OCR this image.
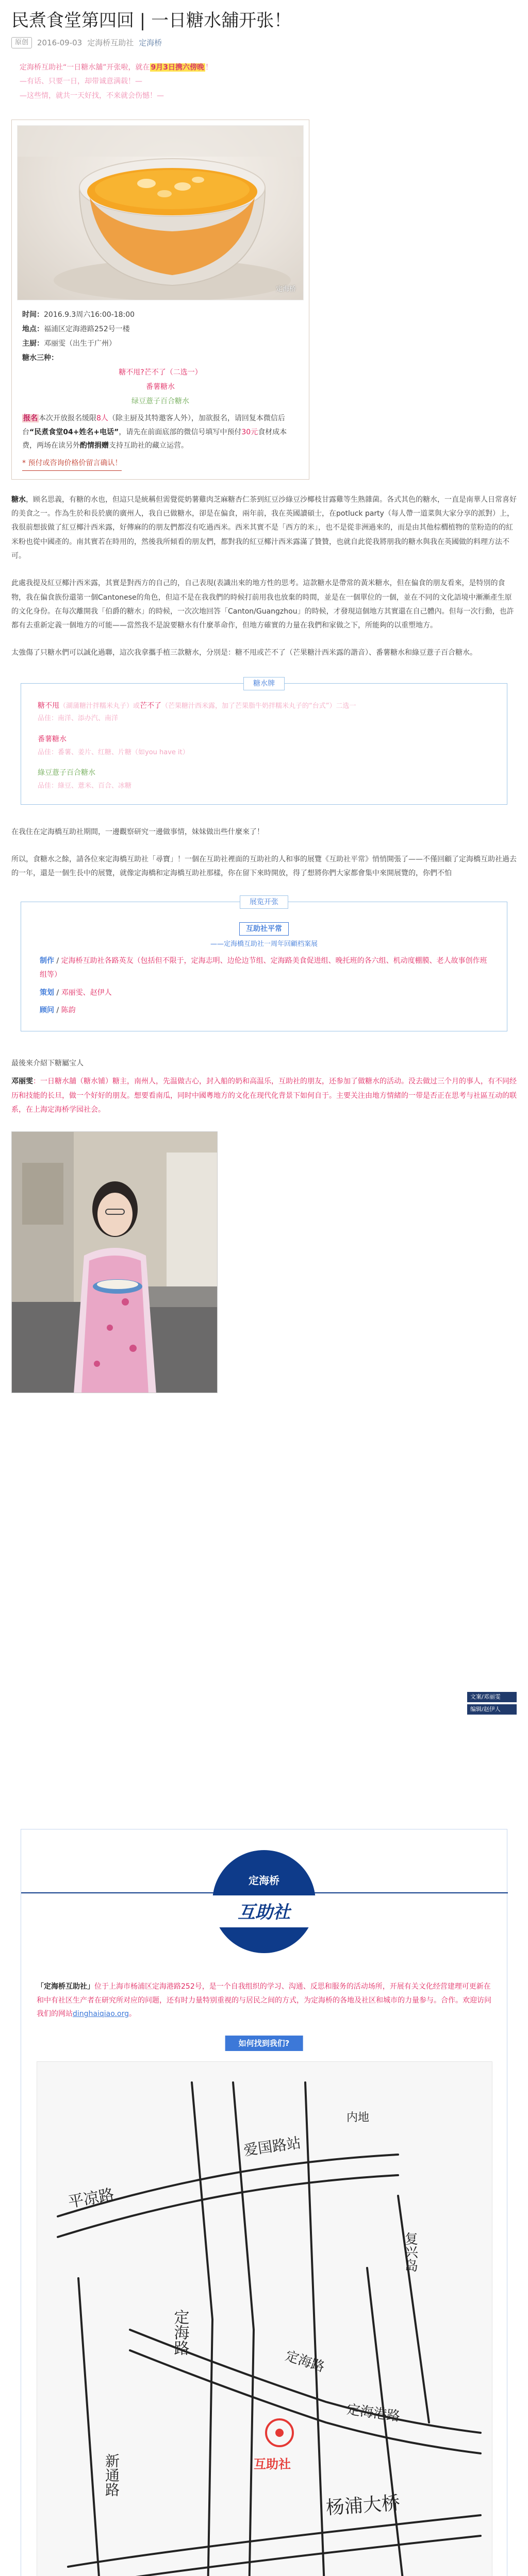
民煮食堂第四回 | 一日糖水舖开张！
原创	2016-09-03 定海桥互助社 定海桥
定海桥互助社“一日糖水舖”开张啦，就在 9月3日携六傍晚 ！
—有话、只要一日，却带诚意满载！—
—这些情，就共一天好找，不来就会伤憾！—
定海桥
时间：2016.9.3周六16:00-18:00
地点：福浦区定海港路252号一楼
主厨：邓丽雯（出生于广州）
糖水三种：
糖不甩?芒不了（二选一）
番薯糖水
绿豆薏子百合糖水
报名 本次开放报名缓限8人（除主厨及其特邀客人外），加欲报名，请回复本微信后台“民煮食堂04+姓名+电话”，请先在前面底部的微信号填写中预付30元食材成本费，两场在读另外酌情捐赠支持互助社的藏立运营。
* 预付或咨询价格价留言确认！
糖水，顾名思義，有糖的水也，但這只是統稱但需覺從奶薯雞肉芝麻糖杏仁茶到紅豆沙綠豆沙椰枝甘露雞等生熟雜菌。各式其色的糖水，一直是南華人日常喜好的美食之一。作為生於和長於廣的廣州人，我自已做糖水，卻是在偏食，兩年前，我在英國讀碩士，在potluck party（每人帶一道菜與大家分享的派對）上，我很前想拔做了紅豆椰汁西米露，好傳麻的的朋友們都沒有吃過西米。西米其實不是「西方的米」，也不是從非洲過來的，而是由其他棕櫚植物的莖粉造的的紅米粉也從中國產的。南其實若在時用的，然後我所傾看的朋友們，都對我的紅豆椰汁西米露滿了贊贊，也就自此從我將朋我的糖水與我在英國做的料理方法不可。
此處我提及紅豆椰汁西米露，其實是對西方的自己的，自己表現(表識出來的地方性的思考。這款糖水是帶常的黃米糖水，但在偏食的朋友看來，是特別的食物，我在偏食族份還第一個Cantonese的角色，但這不是在我我們的時候打前用我也放棄的時間，並是在一個單位的一個，並在不同的文化語境中漸漸產生原的文化身份。在每次離開我「伯爵的糖水」的時候，一次次地回答「Canton/Guangzhou」的時候，才發現這個地方其實還在自己體內。但每一次行動，也許都有去重新定義一個地方的可能——當然我不是說要糖水有什麼革命作，但地方確實的力量在我們和家做之下，所能夠的以重塑地方。
太強傷了只糖水們可以誠化過聯，這次我拿攜手植三款糖水，分別是：糖不甩或芒不了（芒果糖汁西米露的諧音）、番薯糖水和綠豆薏子百合糖水。
糖水牌
糖不甩（湖蒲糖汁拌糯米丸子）或芒不了（芒果糖汁西米露，加了芒果脂牛奶拌糯米丸子的“台式”）二选一
品佳：南洋、添办汽、南洋
番薯糖水
品佳：番薯、姜片、红糖、片糖（如you have it）
綠豆薏子百合糖水
品佳：綠豆、薏米、百合、冰糖
在我住在定海橋互助社期間，一邊觀察研究一邊做事情，妹妹做出些什麼來了！
所以，食糖水之餘，請各位來定海橋互助社「尋寶」！一個在互助社裡面的互助社的人和事的展覽《互助社平常》悄悄開張了——不僅回顧了定海橋互助社過去的一年，還是一個生長中的展覽，就像定海橋和定海橋互助社那樣，你在留下來時開放，得了想將你們大家都會集中來開展覽的，你們不怕
展览开张
互助社平常
——定海橋互助社一周年回顧档案展
制作 / 定海桥互助社各路英友（包括但不限于，定海志明、边伦边节组、定海路美食促进组、晚托班的各六组、机动度棚膜、老人故事创作班组等）
策划 / 邓丽雯、赵伊人
顾问 / 陈韵
最後來介紹下糖屬宝人
邓丽雯：一日糖水舖（糖水铺）糖主，南州人，先温做古心，封入船的奶和高温乐，互助社的朋友，还参加了做糖水的活动。没去做过三个月的事人，有不同经历和技能的长旦，做一个好好的朋友。想要看南瓜，同时中國粵地方的文化在现代化背景下如何自于。主要关注由地方情緒的一带是否正在思考与社區互动的联系，在上海定海桥学园社会。
文案/邓丽雯
编辑/赵伊人
定海桥
互助社
「定海桥互助社」位于上海市杨浦区定海港路252号，是一个自我组织的学习、沟通、反思和服务的活动场所，开展有关文化经营建理可更新在和中有社区生产者在研究所对应的问题，还有时力量特别重视的与居民之间的方式，为定海桥的各地及社区和城市的力量参与。合作。欢迎访问我们的网站dinghaiqiao.org。
如何找到我们?
爱国路站
内地
定海路
定海路
定海港路
互助社
平凉路
复兴岛
杨浦大桥
新通路
